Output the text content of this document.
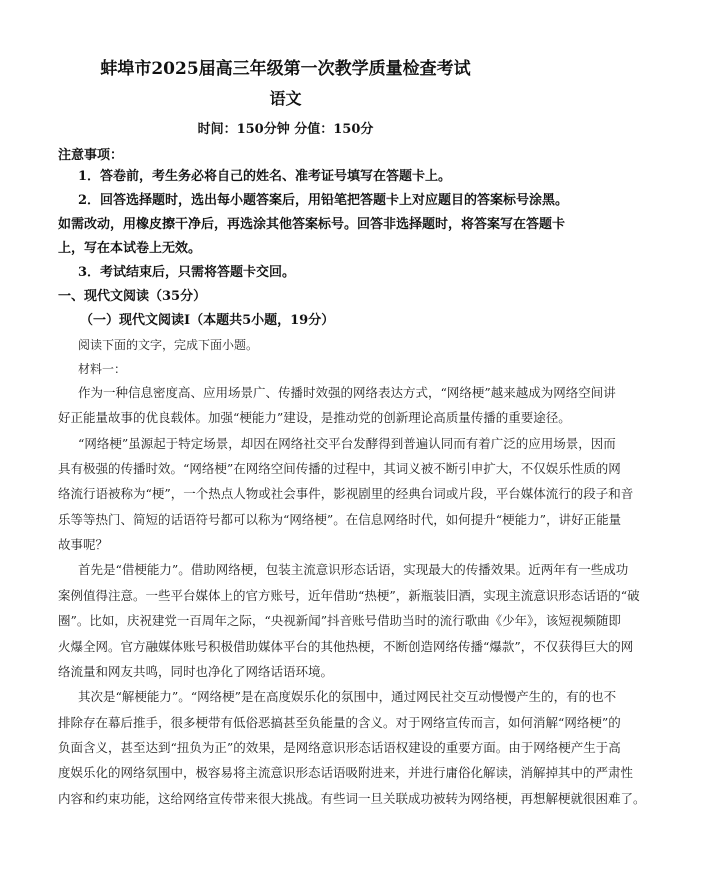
蚌埠市2025届高三年级第一次教学质量检查考试
语文
时间：150分钟 分值：150分
注意事项：
1．答卷前，考生务必将自己的姓名、准考证号填写在答题卡上。
2．回答选择题时，选出每小题答案后，用铅笔把答题卡上对应题目的答案标号涂黑。
如需改动，用橡皮擦干净后，再选涂其他答案标号。回答非选择题时，将答案写在答题卡
上，写在本试卷上无效。
3．考试结束后，只需将答题卡交回。
一、现代文阅读（35分）
（一）现代文阅读Ⅰ（本题共5小题，19分）
阅读下面的文字，完成下面小题。
材料一：
作为一种信息密度高、应用场景广、传播时效强的网络表达方式，“网络梗”越来越成为网络空间讲
好正能量故事的优良载体。加强“梗能力”建设，是推动党的创新理论高质量传播的重要途径。
“网络梗”虽源起于特定场景，却因在网络社交平台发酵得到普遍认同而有着广泛的应用场景，因而
具有极强的传播时效。“网络梗”在网络空间传播的过程中，其词义被不断引申扩大，不仅娱乐性质的网
络流行语被称为“梗”，一个热点人物或社会事件，影视剧里的经典台词或片段，平台媒体流行的段子和音
乐等等热门、简短的话语符号都可以称为“网络梗”。在信息网络时代，如何提升“梗能力”，讲好正能量
故事呢？
首先是“借梗能力”。借助网络梗，包装主流意识形态话语，实现最大的传播效果。近两年有一些成功
案例值得注意。一些平台媒体上的官方账号，近年借助“热梗”，新瓶装旧酒，实现主流意识形态话语的“破
圈”。比如，庆祝建党一百周年之际，“央视新闻”抖音账号借助当时的流行歌曲《少年》，该短视频随即
火爆全网。官方融媒体账号积极借助媒体平台的其他热梗，不断创造网络传播“爆款”，不仅获得巨大的网
络流量和网友共鸣，同时也净化了网络话语环境。
其次是“解梗能力”。“网络梗”是在高度娱乐化的氛围中，通过网民社交互动慢慢产生的，有的也不
排除存在幕后推手，很多梗带有低俗恶搞甚至负能量的含义。对于网络宣传而言，如何消解“网络梗”的
负面含义，甚至达到“扭负为正”的效果，是网络意识形态话语权建设的重要方面。由于网络梗产生于高
度娱乐化的网络氛围中，极容易将主流意识形态话语吸附进来，并进行庸俗化解读，消解掉其中的严肃性
内容和约束功能，这给网络宣传带来很大挑战。有些词一旦关联成功被转为网络梗，再想解梗就很困难了。
